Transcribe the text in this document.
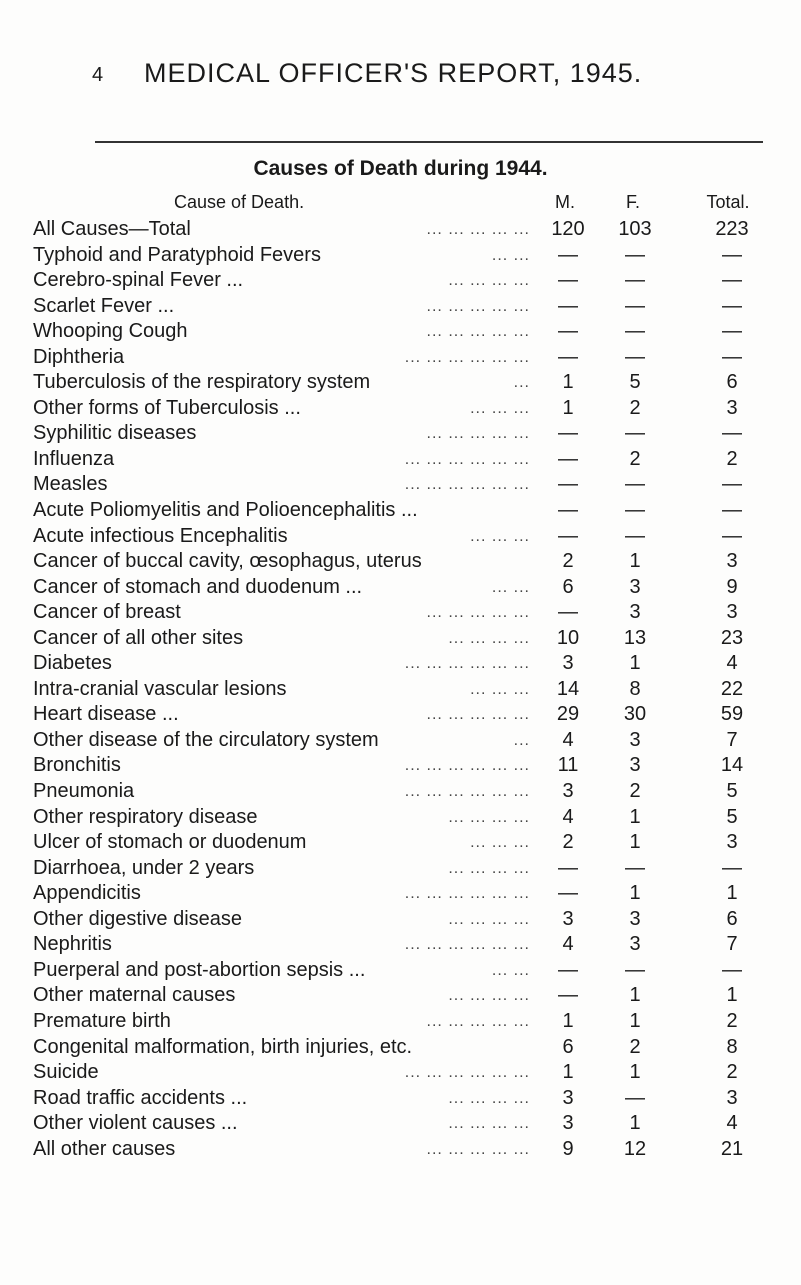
4 MEDICAL OFFICER'S REPORT, 1945.
Causes of Death during 1944.
Cause of Death.	M.	F.	Total.
... ... ... ... ...
All Causes—Total	120	103	223
... ...
Typhoid and Paratyphoid Fevers	—	—	—
... ... ... ...
Cerebro-spinal Fever ...	—	—	—
... ... ... ... ...
Scarlet Fever ...	—	—	—
... ... ... ... ...
Whooping Cough	—	—	—
... ... ... ... ... ...
Diphtheria	—	—	—
...
Tuberculosis of the respiratory system	1	5	6
... ... ...
Other forms of Tuberculosis ...	1	2	3
... ... ... ... ...
Syphilitic diseases	—	—	—
... ... ... ... ... ...
Influenza	—	2	2
... ... ... ... ... ...
Measles	—	—	—
Acute Poliomyelitis and Polioencephalitis ...	—	—	—
... ... ...
Acute infectious Encephalitis	—	—	—
Cancer of buccal cavity, œsophagus, uterus	2	1	3
... ...
Cancer of stomach and duodenum ...	6	3	9
... ... ... ... ...
Cancer of breast	—	3	3
... ... ... ...
Cancer of all other sites	10	13	23
... ... ... ... ... ...
Diabetes	3	1	4
... ... ...
Intra-cranial vascular lesions	14	8	22
... ... ... ... ...
Heart disease ...	29	30	59
...
Other disease of the circulatory system	4	3	7
... ... ... ... ... ...
Bronchitis	11	3	14
... ... ... ... ... ...
Pneumonia	3	2	5
... ... ... ...
Other respiratory disease	4	1	5
... ... ...
Ulcer of stomach or duodenum	2	1	3
... ... ... ...
Diarrhoea, under 2 years	—	—	—
... ... ... ... ... ...
Appendicitis	—	1	1
... ... ... ...
Other digestive disease	3	3	6
... ... ... ... ... ...
Nephritis	4	3	7
... ...
Puerperal and post-abortion sepsis ...	—	—	—
... ... ... ...
Other maternal causes	—	1	1
... ... ... ... ...
Premature birth	1	1	2
Congenital malformation, birth injuries, etc.	6	2	8
... ... ... ... ... ...
Suicide	1	1	2
... ... ... ...
Road traffic accidents ...	3	—	3
... ... ... ...
Other violent causes ...	3	1	4
... ... ... ... ...
All other causes	9	12	21
